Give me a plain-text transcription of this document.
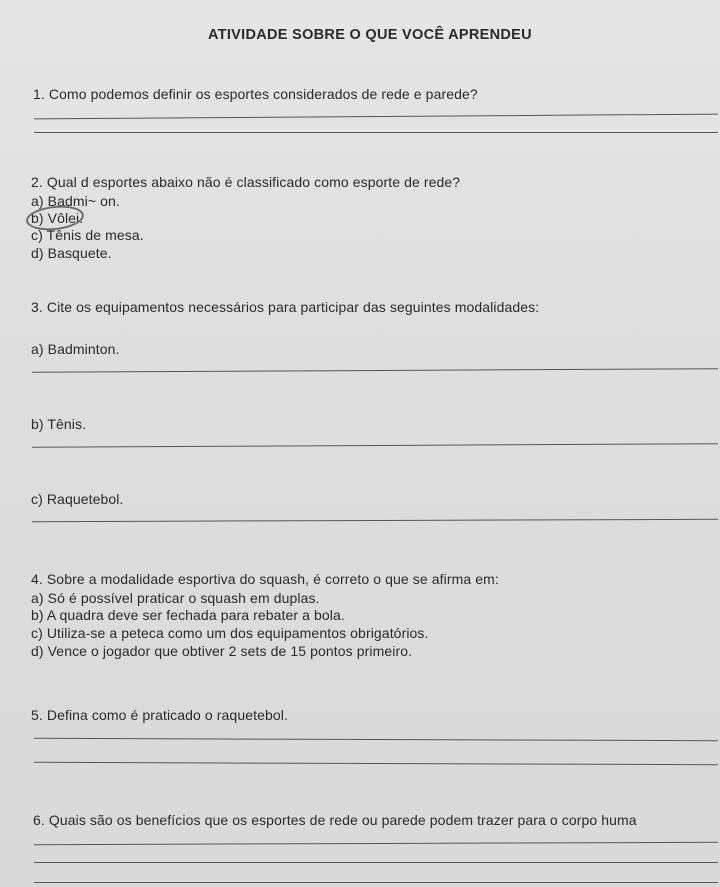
ATIVIDADE SOBRE O QUE VOCÊ APRENDEU
1. Como podemos definir os esportes considerados de rede e parede?
2. Qual d esportes abaixo não é classificado como esporte de rede?
a) Badmi~ on.
b) Vôlei.
c) Tênis de mesa.
d) Basquete.
3. Cite os equipamentos necessários para participar das seguintes modalidades:
a) Badminton.
b) Tênis.
c) Raquetebol.
4. Sobre a modalidade esportiva do squash, é correto o que se afirma em:
a) Só é possível praticar o squash em duplas.
b) A quadra deve ser fechada para rebater a bola.
c) Utiliza-se a peteca como um dos equipamentos obrigatórios.
d) Vence o jogador que obtiver 2 sets de 15 pontos primeiro.
5. Defina como é praticado o raquetebol.
6. Quais são os benefícios que os esportes de rede ou parede podem trazer para o corpo huma
